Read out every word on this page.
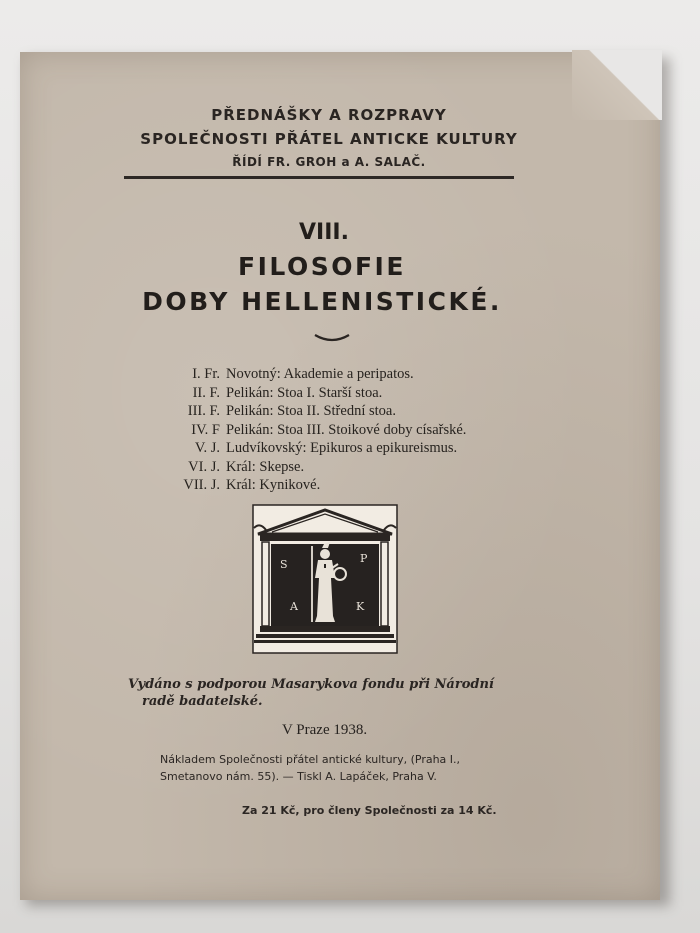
PŘEDNÁŠKY A ROZPRAVY
SPOLEČNOSTI PŘÁTEL ANTICKE KULTURY
ŘÍDÍ FR. GROH a A. SALAČ.
VIII.
FILOSOFIE
DOBY HELLENISTICKÉ.
I. Fr. Novotný: Akademie a peripatos.
II. F. Pelikán: Stoa I. Starší stoa.
III. F. Pelikán: Stoa II. Střední stoa.
IV. F Pelikán: Stoa III. Stoikové doby císařské.
V. J. Ludvíkovský: Epikuros a epikureismus.
VI. J. Král: Skepse.
VII. J. Král: Kynikové.
S	P
A	K
Vydáno s podporou Masarykova fondu při Národní
radě badatelské.
V Praze 1938.
Nákladem Společnosti přátel antické kultury, (Praha I.,
Smetanovo nám. 55). — Tiskl A. Lapáček, Praha V.
Za 21 Kč, pro členy Společnosti za 14 Kč.
